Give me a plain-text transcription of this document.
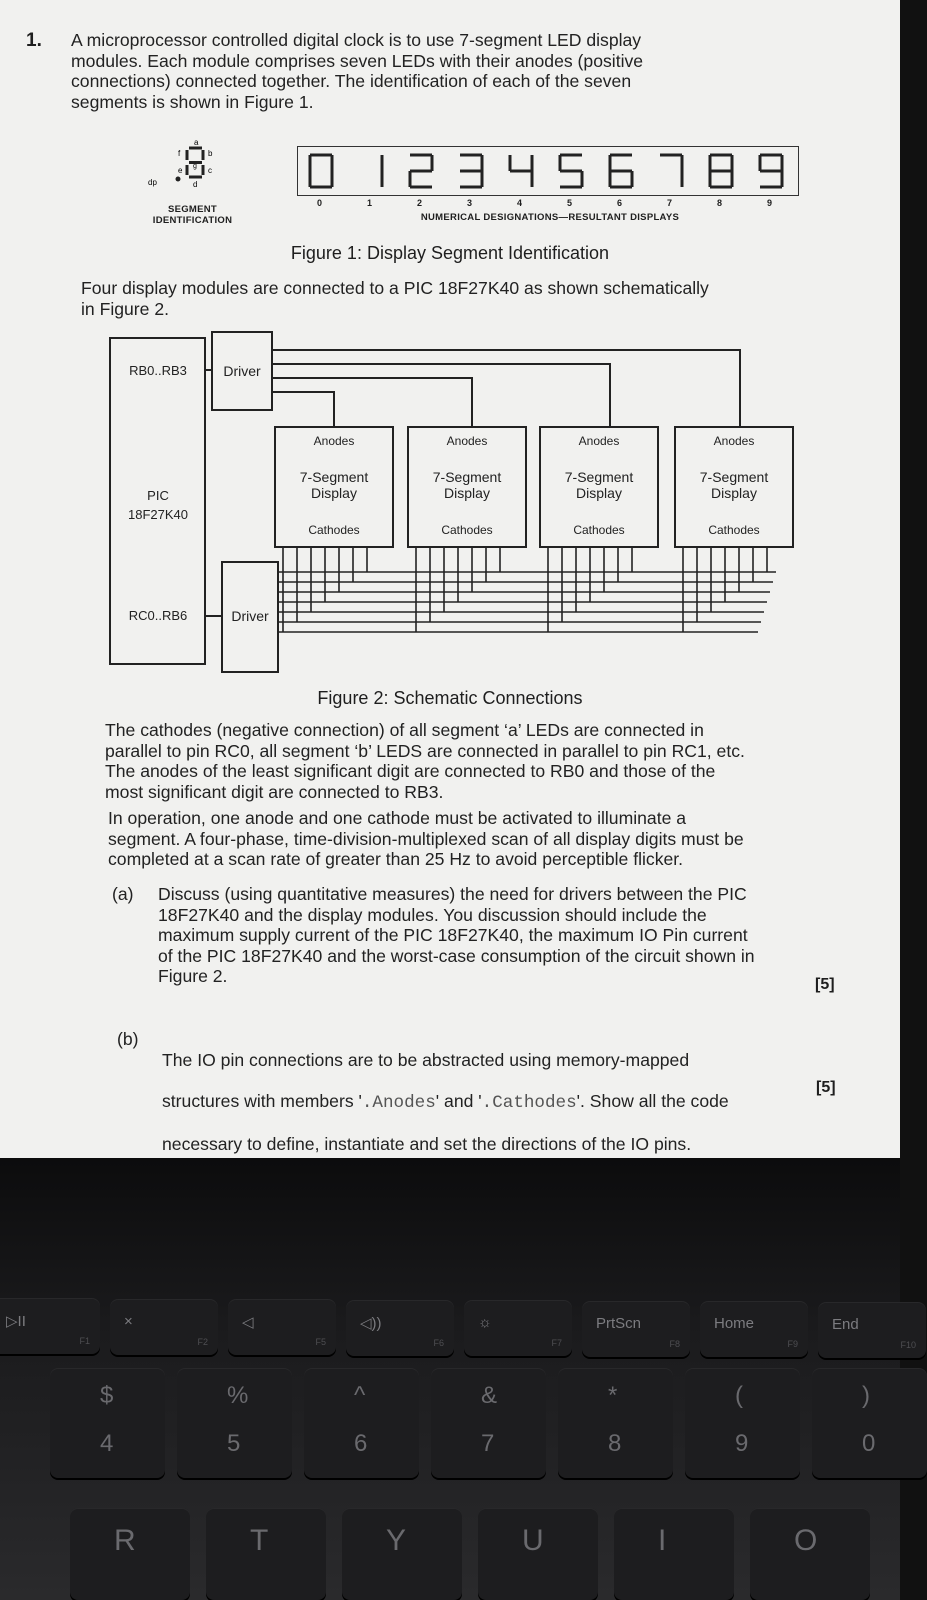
1. A microprocessor controlled digital clock is to use 7-segment LED display
modules. Each module comprises seven LEDs with their anodes (positive
connections) connected together. The identification of each of the seven
segments is shown in Figure 1.
a
b
c
d
e
f
g
dp
SEGMENT
IDENTIFICATION
0	1	2	3	4	5	6	7	8	9
NUMERICAL DESIGNATIONS—RESULTANT DISPLAYS
Figure 1: Display Segment Identification
Four display modules are connected to a PIC 18F27K40 as shown schematically
in Figure 2.
RB0..RB3	Driver
PIC
18F27K40
RC0..RB6	Driver
Anodes
7-Segment
Display
Cathodes
Anodes
7-Segment
Display
Cathodes
Anodes
7-Segment
Display
Cathodes
Anodes
7-Segment
Display
Cathodes
Figure 2: Schematic Connections
The cathodes (negative connection) of all segment ‘a’ LEDs are connected in
parallel to pin RC0, all segment ‘b’ LEDS are connected in parallel to pin RC1, etc.
The anodes of the least significant digit are connected to RB0 and those of the
most significant digit are connected to RB3.
In operation, one anode and one cathode must be activated to illuminate a
segment. A four-phase, time-division-multiplexed scan of all display digits must be
completed at a scan rate of greater than 25 Hz to avoid perceptible flicker.
(a) Discuss (using quantitative measures) the need for drivers between the PIC
18F27K40 and the display modules. You discussion should include the
maximum supply current of the PIC 18F27K40, the maximum IO Pin current
of the PIC 18F27K40 and the worst-case consumption of the circuit shown in
Figure 2.	[5]
(b)

The IO pin connections are to be abstracted using memory-mapped

structures with members '.Anodes' and '.Cathodes'. Show all the code

necessary to define, instantiate and set the directions of the IO pins.

[5]
▷II
F1
×
F2
◁
F5
◁))
F6
☼
F7
PrtScn
F8
Home
F9
End
F10
$
4
%
5
^
6
&
7
*
8
(
9
)
0
R	T	Y	U	I	O
